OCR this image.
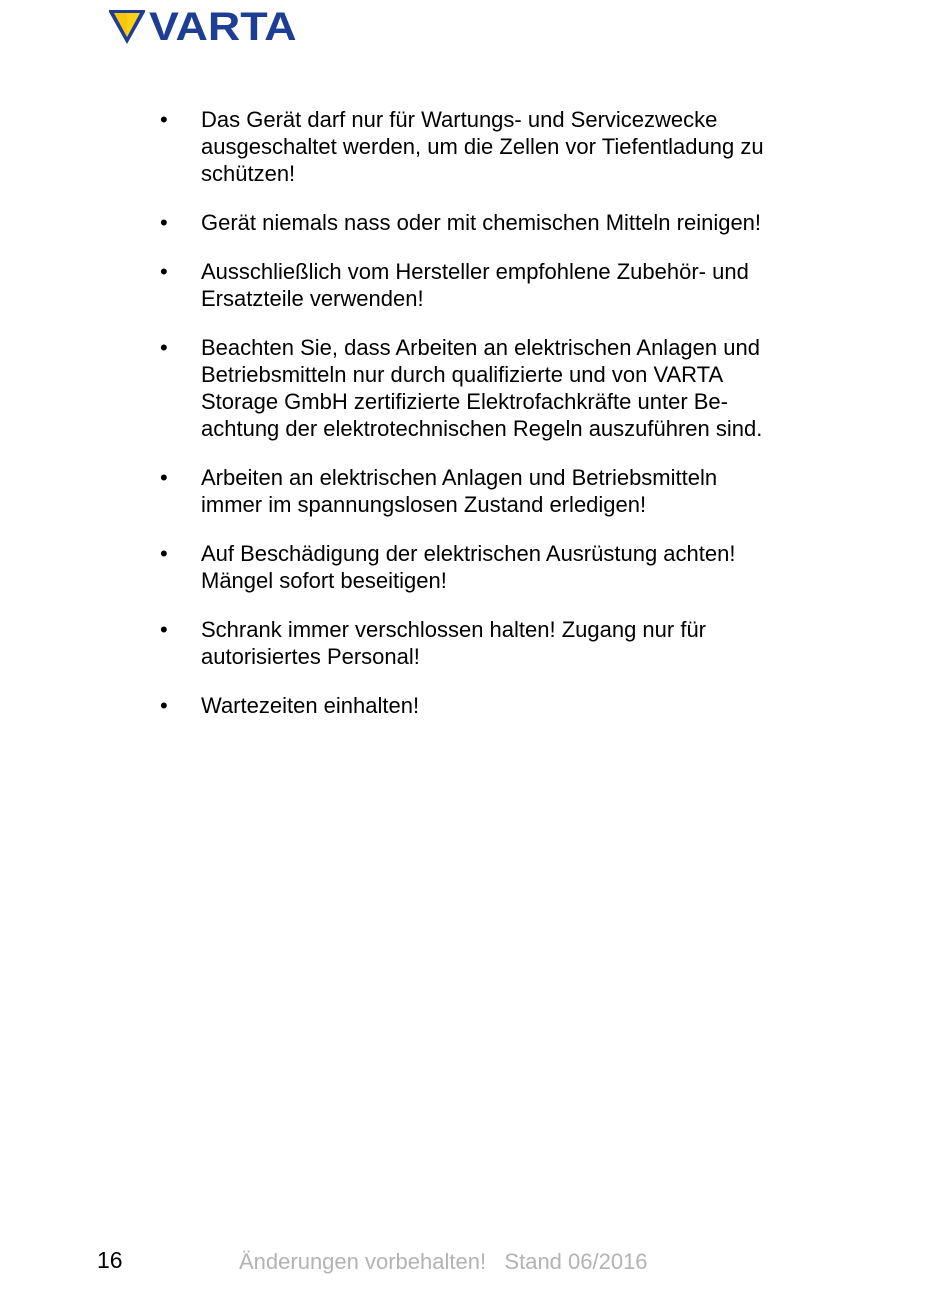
VARTA
•	Das Gerät darf nur für Wartungs- und Servicezwecke
ausgeschaltet werden, um die Zellen vor Tiefentladung zu
schützen!
•	Gerät niemals nass oder mit chemischen Mitteln reinigen!
•	Ausschließlich vom Hersteller empfohlene Zubehör- und
Ersatzteile verwenden!
•	Beachten Sie, dass Arbeiten an elektrischen Anlagen und
Betriebsmitteln nur durch qualifizierte und von VARTA
Storage GmbH zertifizierte Elektrofachkräfte unter Be-
achtung der elektrotechnischen Regeln auszuführen sind.
•	Arbeiten an elektrischen Anlagen und Betriebsmitteln
immer im spannungslosen Zustand erledigen!
•	Auf Beschädigung der elektrischen Ausrüstung achten!
Mängel sofort beseitigen!
•	Schrank immer verschlossen halten! Zugang nur für
autorisiertes Personal!
•	Wartezeiten einhalten!
16	Änderungen vorbehalten!   Stand 06/2016
